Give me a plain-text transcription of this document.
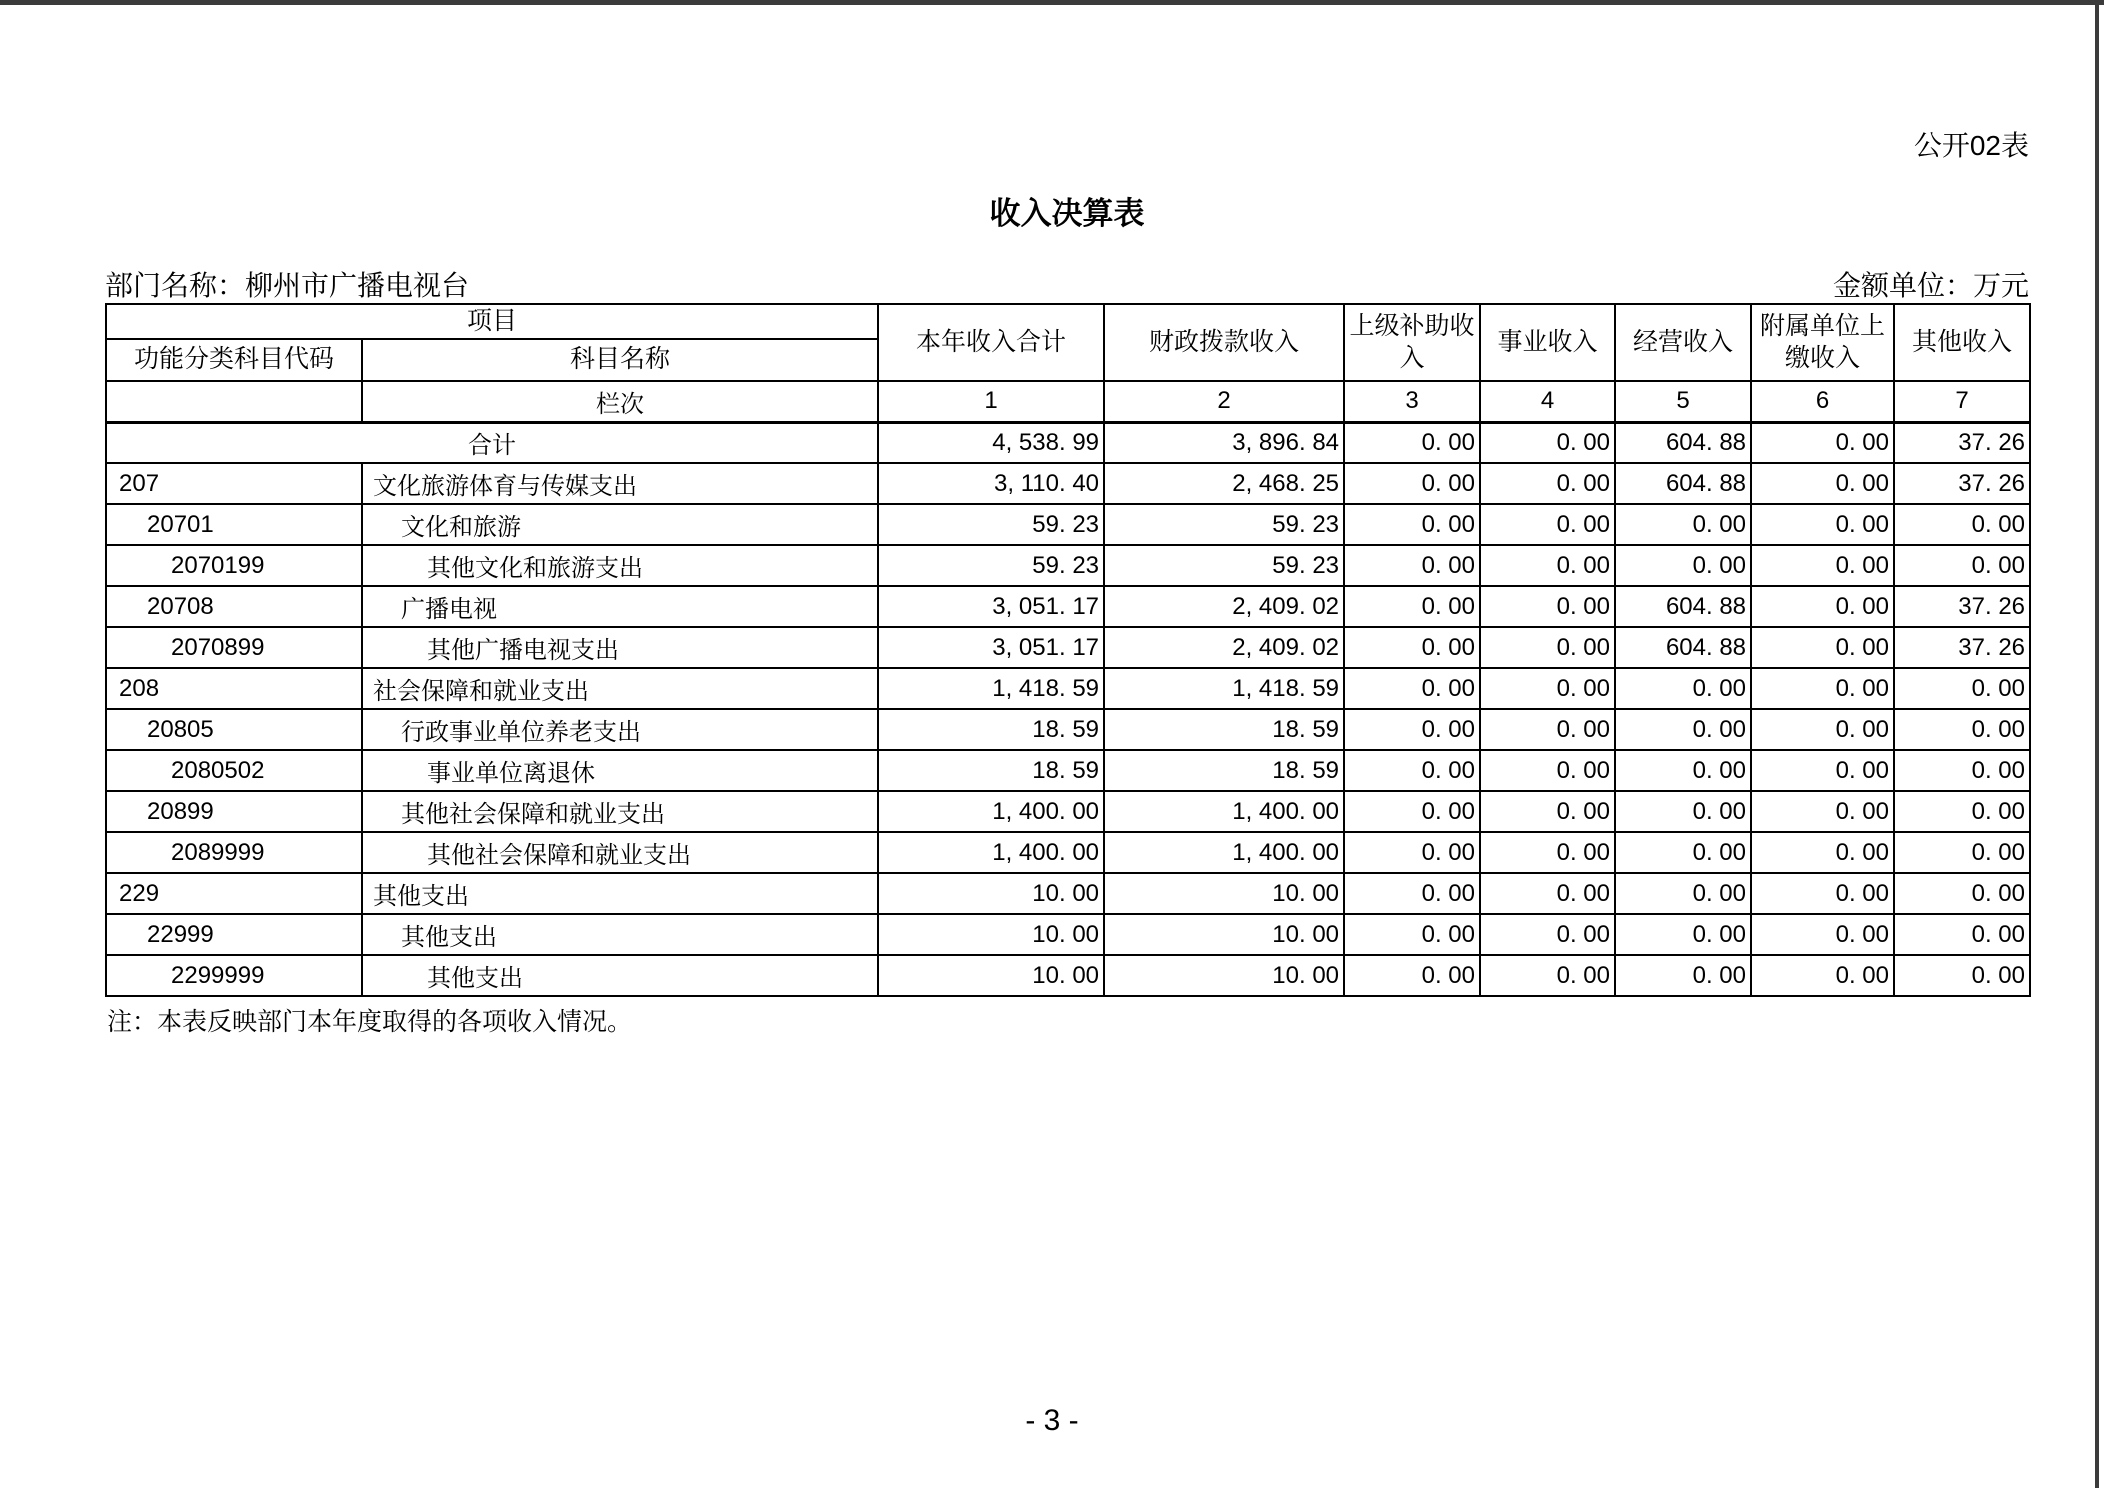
公开02表
收入决算表
部门名称：柳州市广播电视台	金额单位：万元
项目		本年收入合计	财政拨款收入	上级补助收入	事业收入	经营收入	附属单位上缴收入	其他收入
功能分类科目代码	科目名称							
	栏次	1	2	3	4	5	6	7
合计		4, 538. 99	3, 896. 84	0. 00	0. 00	604. 88	0. 00	37. 26
207	文化旅游体育与传媒支出	3, 110. 40	2, 468. 25	0. 00	0. 00	604. 88	0. 00	37. 26
20701	文化和旅游	59. 23	59. 23	0. 00	0. 00	0. 00	0. 00	0. 00
2070199	其他文化和旅游支出	59. 23	59. 23	0. 00	0. 00	0. 00	0. 00	0. 00
20708	广播电视	3, 051. 17	2, 409. 02	0. 00	0. 00	604. 88	0. 00	37. 26
2070899	其他广播电视支出	3, 051. 17	2, 409. 02	0. 00	0. 00	604. 88	0. 00	37. 26
208	社会保障和就业支出	1, 418. 59	1, 418. 59	0. 00	0. 00	0. 00	0. 00	0. 00
20805	行政事业单位养老支出	18. 59	18. 59	0. 00	0. 00	0. 00	0. 00	0. 00
2080502	事业单位离退休	18. 59	18. 59	0. 00	0. 00	0. 00	0. 00	0. 00
20899	其他社会保障和就业支出	1, 400. 00	1, 400. 00	0. 00	0. 00	0. 00	0. 00	0. 00
2089999	其他社会保障和就业支出	1, 400. 00	1, 400. 00	0. 00	0. 00	0. 00	0. 00	0. 00
229	其他支出	10. 00	10. 00	0. 00	0. 00	0. 00	0. 00	0. 00
22999	其他支出	10. 00	10. 00	0. 00	0. 00	0. 00	0. 00	0. 00
2299999	其他支出	10. 00	10. 00	0. 00	0. 00	0. 00	0. 00	0. 00
注：本表反映部门本年度取得的各项收入情况。
- 3 -
